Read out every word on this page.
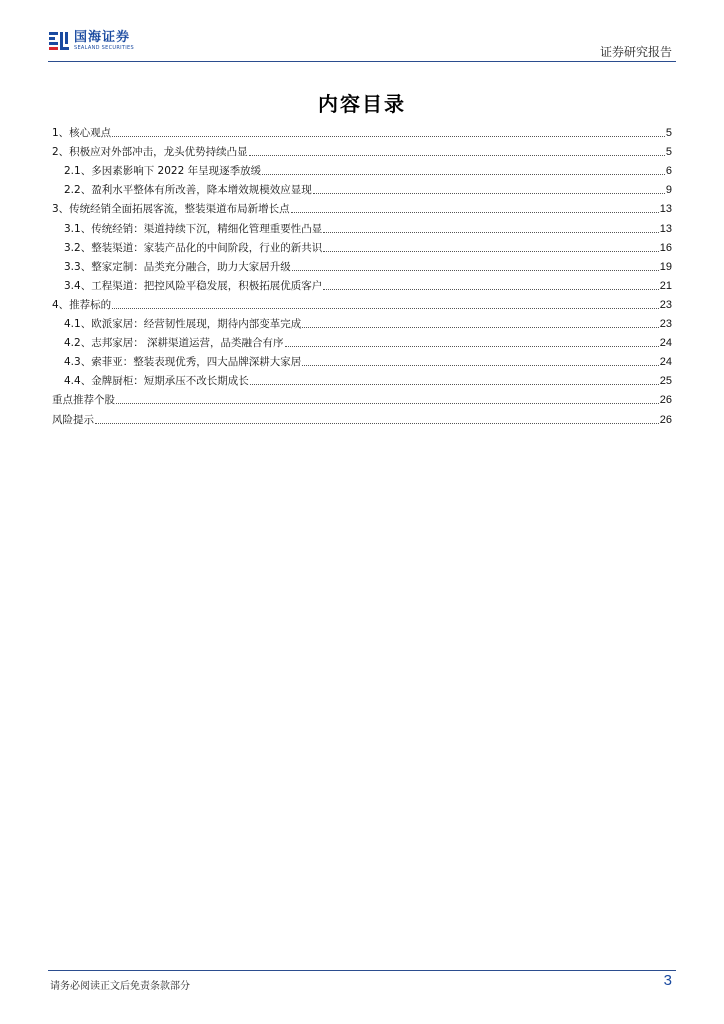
国海证券
SEALAND SECURITIES	证券研究报告
内容目录
1、核心观点	5
2、积极应对外部冲击，龙头优势持续凸显	5
2.1、多因素影响下 2022 年呈现逐季放缓	6
2.2、盈利水平整体有所改善，降本增效规模效应显现	9
3、传统经销全面拓展客流，整装渠道布局新增长点	13
3.1、传统经销：渠道持续下沉，精细化管理重要性凸显	13
3.2、整装渠道：家装产品化的中间阶段，行业的新共识	16
3.3、整家定制：品类充分融合，助力大家居升级	19
3.4、工程渠道：把控风险平稳发展，积极拓展优质客户	21
4、推荐标的	23
4.1、欧派家居：经营韧性展现，期待内部变革完成	23
4.2、志邦家居： 深耕渠道运营，品类融合有序	24
4.3、索菲亚：整装表现优秀，四大品牌深耕大家居	24
4.4、金牌厨柜：短期承压不改长期成长	25
重点推荐个股	26
风险提示	26
请务必阅读正文后免责条款部分	3
